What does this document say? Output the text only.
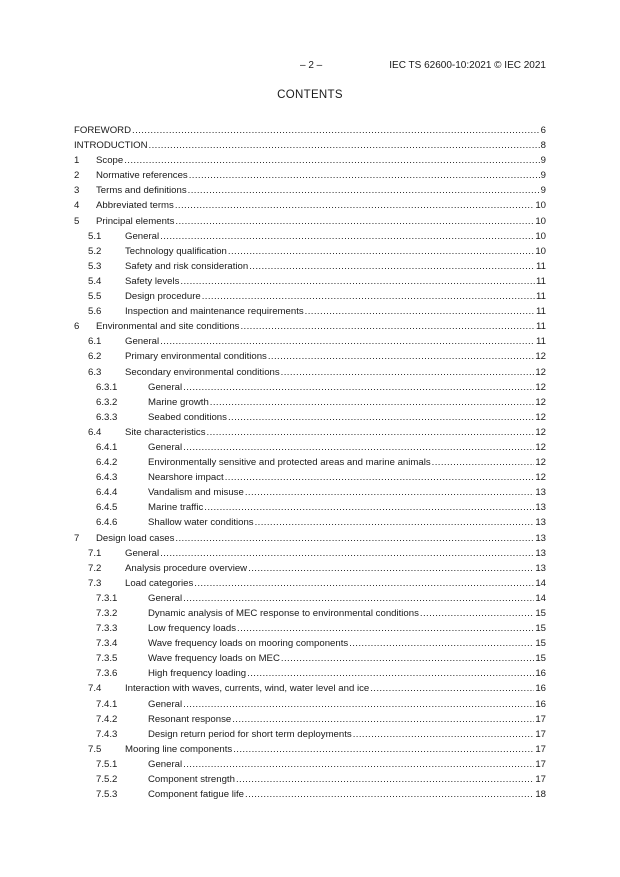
– 2 –	IEC TS 62600-10:2021 © IEC 2021
CONTENTS
FOREWORD .....	6
INTRODUCTION .....	8
1 Scope .....	9
2 Normative references .....	9
3 Terms and definitions .....	9
4 Abbreviated terms .....	10
5 Principal elements .....	10
5.1 General .....	10
5.2 Technology qualification .....	10
5.3 Safety and risk consideration .....	11
5.4 Safety levels .....	11
5.5 Design procedure .....	11
5.6 Inspection and maintenance requirements .....	11
6 Environmental and site conditions .....	11
6.1 General .....	11
6.2 Primary environmental conditions .....	12
6.3 Secondary environmental conditions .....	12
6.3.1	General .....	12
6.3.2	Marine growth .....	12
6.3.3	Seabed conditions .....	12
6.4 Site characteristics .....	12
6.4.1	General .....	12
6.4.2	Environmentally sensitive and protected areas and marine animals .....	12
6.4.3	Nearshore impact .....	12
6.4.4	Vandalism and misuse .....	13
6.4.5	Marine traffic .....	13
6.4.6	Shallow water conditions .....	13
7 Design load cases .....	13
7.1 General .....	13
7.2 Analysis procedure overview .....	13
7.3 Load categories .....	14
7.3.1	General .....	14
7.3.2	Dynamic analysis of MEC response to environmental conditions .....	15
7.3.3	Low frequency loads .....	15
7.3.4	Wave frequency loads on mooring components .....	15
7.3.5	Wave frequency loads on MEC .....	15
7.3.6	High frequency loading .....	16
7.4 Interaction with waves, currents, wind, water level and ice .....	16
7.4.1	General .....	16
7.4.2	Resonant response .....	17
7.4.3	Design return period for short term deployments .....	17
7.5 Mooring line components .....	17
7.5.1	General .....	17
7.5.2	Component strength .....	17
7.5.3	Component fatigue life .....	18
